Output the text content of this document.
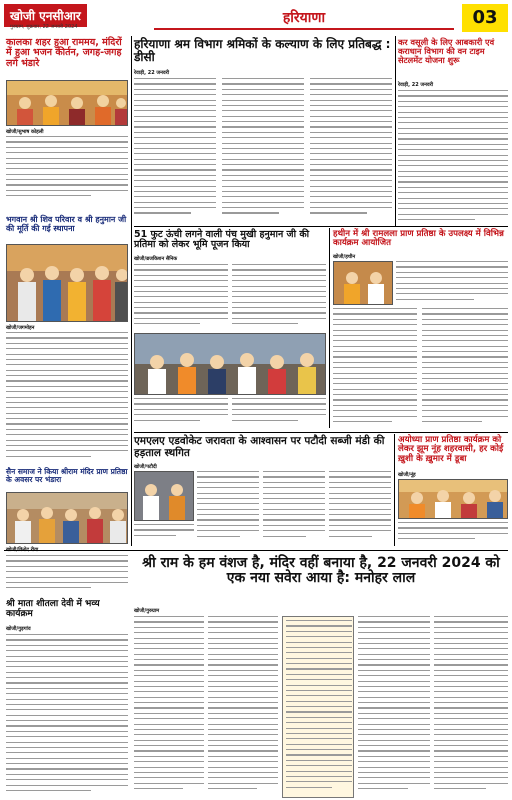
खोजी एनसीआर
गुरुग्राम, शुक्रवार, 22 जनवरी 2024
हरियाणा	03
कालका शहर हुआ राममय, मंदिरों में हुआ भजन कीर्तन, जगह-जगह लगे भंडारे
खोजी/सुभाष कोहली
भगवान श्री शिव परिवार व श्री हनुमान जी की मूर्ति की गई स्थापना
खोजी/जगमोहन
सैन समाज ने किया श्रीराम मंदिर प्राण प्रतिष्ठा के अवसर पर भंडारा
हरियाणा श्रम विभाग श्रमिकों के कल्याण के लिए प्रतिबद्ध : डीसी
रेवाड़ी, 22 जनवरी
कर वसूली के लिए आबकारी एवं कराधान विभाग की वन टाइम सेटलमेंट योजना शुरू
रेवाड़ी, 22 जनवरी
51 फुट ऊंची लगने वाली पंच मुखी हनुमान जी की प्रतिमा को लेकर भूमि पूजन किया
खोजी/ब्रजकिशन सैनिक
हथीन में श्री रामलला प्राण प्रतिष्ठा के उपलक्ष्य में विभिन्न कार्यक्रम आयोजित
खोजी/हथीन
एमएलए एडवोकेट जरावता के आश्वासन पर पटौदी सब्जी मंडी की हड़ताल स्थगित
खोजी/पटौदी
अयोध्या प्राण प्रतिष्ठा कार्यक्रम को लेकर झूम नूंह शहरवासी, हर कोई ख़ुशी के ख़ुमार में डूबा
खोजी/नूंह
श्री राम के हम वंशज है, मंदिर वहीं बनाया है, 22 जनवरी 2024 को एक नया सवेरा आया है: मनोहर लाल
खोजी/गुरुग्राम
श्री माता शीतला देवी में भव्य कार्यक्रम
खोजी/गुड़गांव
